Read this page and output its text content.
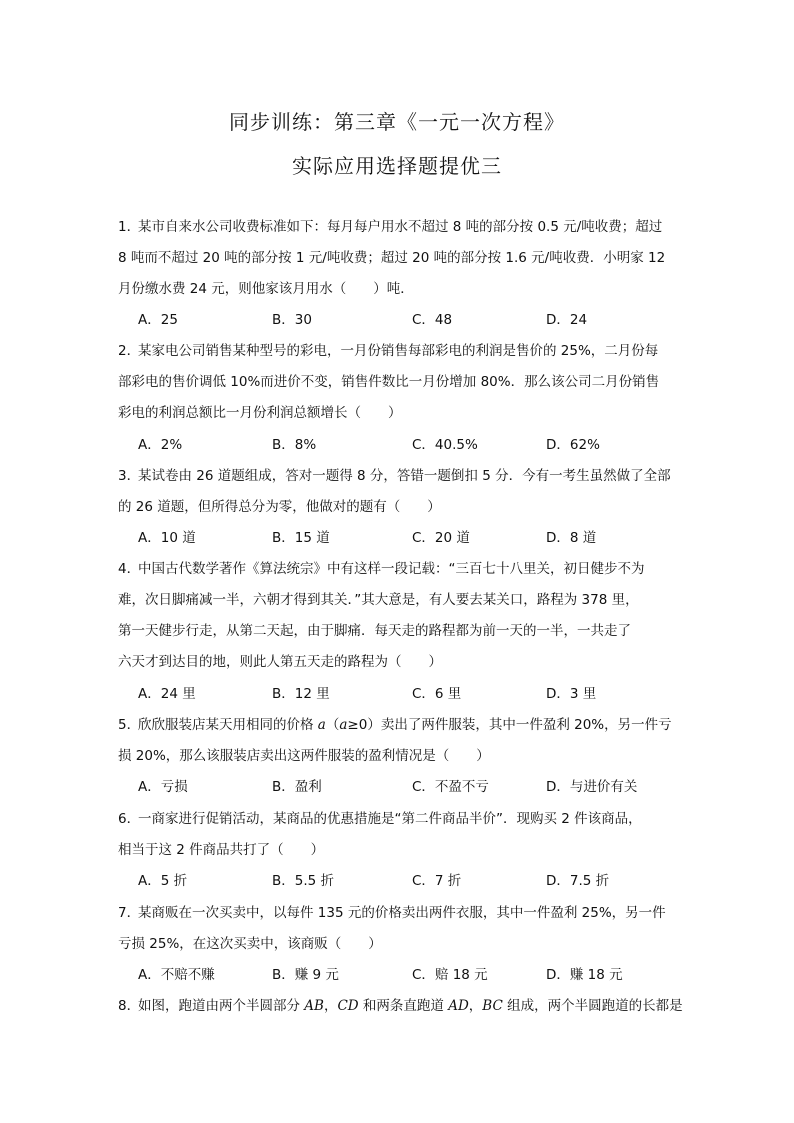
同步训练：第三章《一元一次方程》
实际应用选择题提优三
1．某市自来水公司收费标准如下：每月每户用水不超过 8 吨的部分按 0.5 元/吨收费；超过
8 吨而不超过 20 吨的部分按 1 元/吨收费；超过 20 吨的部分按 1.6 元/吨收费．小明家 12
月份缴水费 24 元，则他家该月用水（　　）吨．
A．25	B．30	C．48	D．24
2．某家电公司销售某种型号的彩电，一月份销售每部彩电的利润是售价的 25%，二月份每
部彩电的售价调低 10%而进价不变，销售件数比一月份增加 80%．那么该公司二月份销售
彩电的利润总额比一月份利润总额增长（　　）
A．2%	B．8%	C．40.5%	D．62%
3．某试卷由 26 道题组成，答对一题得 8 分，答错一题倒扣 5 分．今有一考生虽然做了全部
的 26 道题，但所得总分为零，他做对的题有（　　）
A．10 道	B．15 道	C．20 道	D．8 道
4．中国古代数学著作《算法统宗》中有这样一段记载：“三百七十八里关，初日健步不为
难，次日脚痛减一半，六朝才得到其关．”其大意是，有人要去某关口，路程为 378 里，
第一天健步行走，从第二天起，由于脚痛．每天走的路程都为前一天的一半，一共走了
六天才到达目的地，则此人第五天走的路程为（　　）
A．24 里	B．12 里	C．6 里	D．3 里
5．欣欣服装店某天用相同的价格 a（a≥0）卖出了两件服装，其中一件盈利 20%，另一件亏
损 20%，那么该服装店卖出这两件服装的盈利情况是（　　）
A．亏损	B．盈利	C．不盈不亏	D．与进价有关
6．一商家进行促销活动，某商品的优惠措施是“第二件商品半价”．现购买 2 件该商品，
相当于这 2 件商品共打了（　　）
A．5 折	B．5.5 折	C．7 折	D．7.5 折
7．某商贩在一次买卖中，以每件 135 元的价格卖出两件衣服，其中一件盈利 25%，另一件
亏损 25%，在这次买卖中，该商贩（　　）
A．不赔不赚	B．赚 9 元	C．赔 18 元	D．赚 18 元
8．如图，跑道由两个半圆部分 AB，CD 和两条直跑道 AD，BC 组成，两个半圆跑道的长都是
